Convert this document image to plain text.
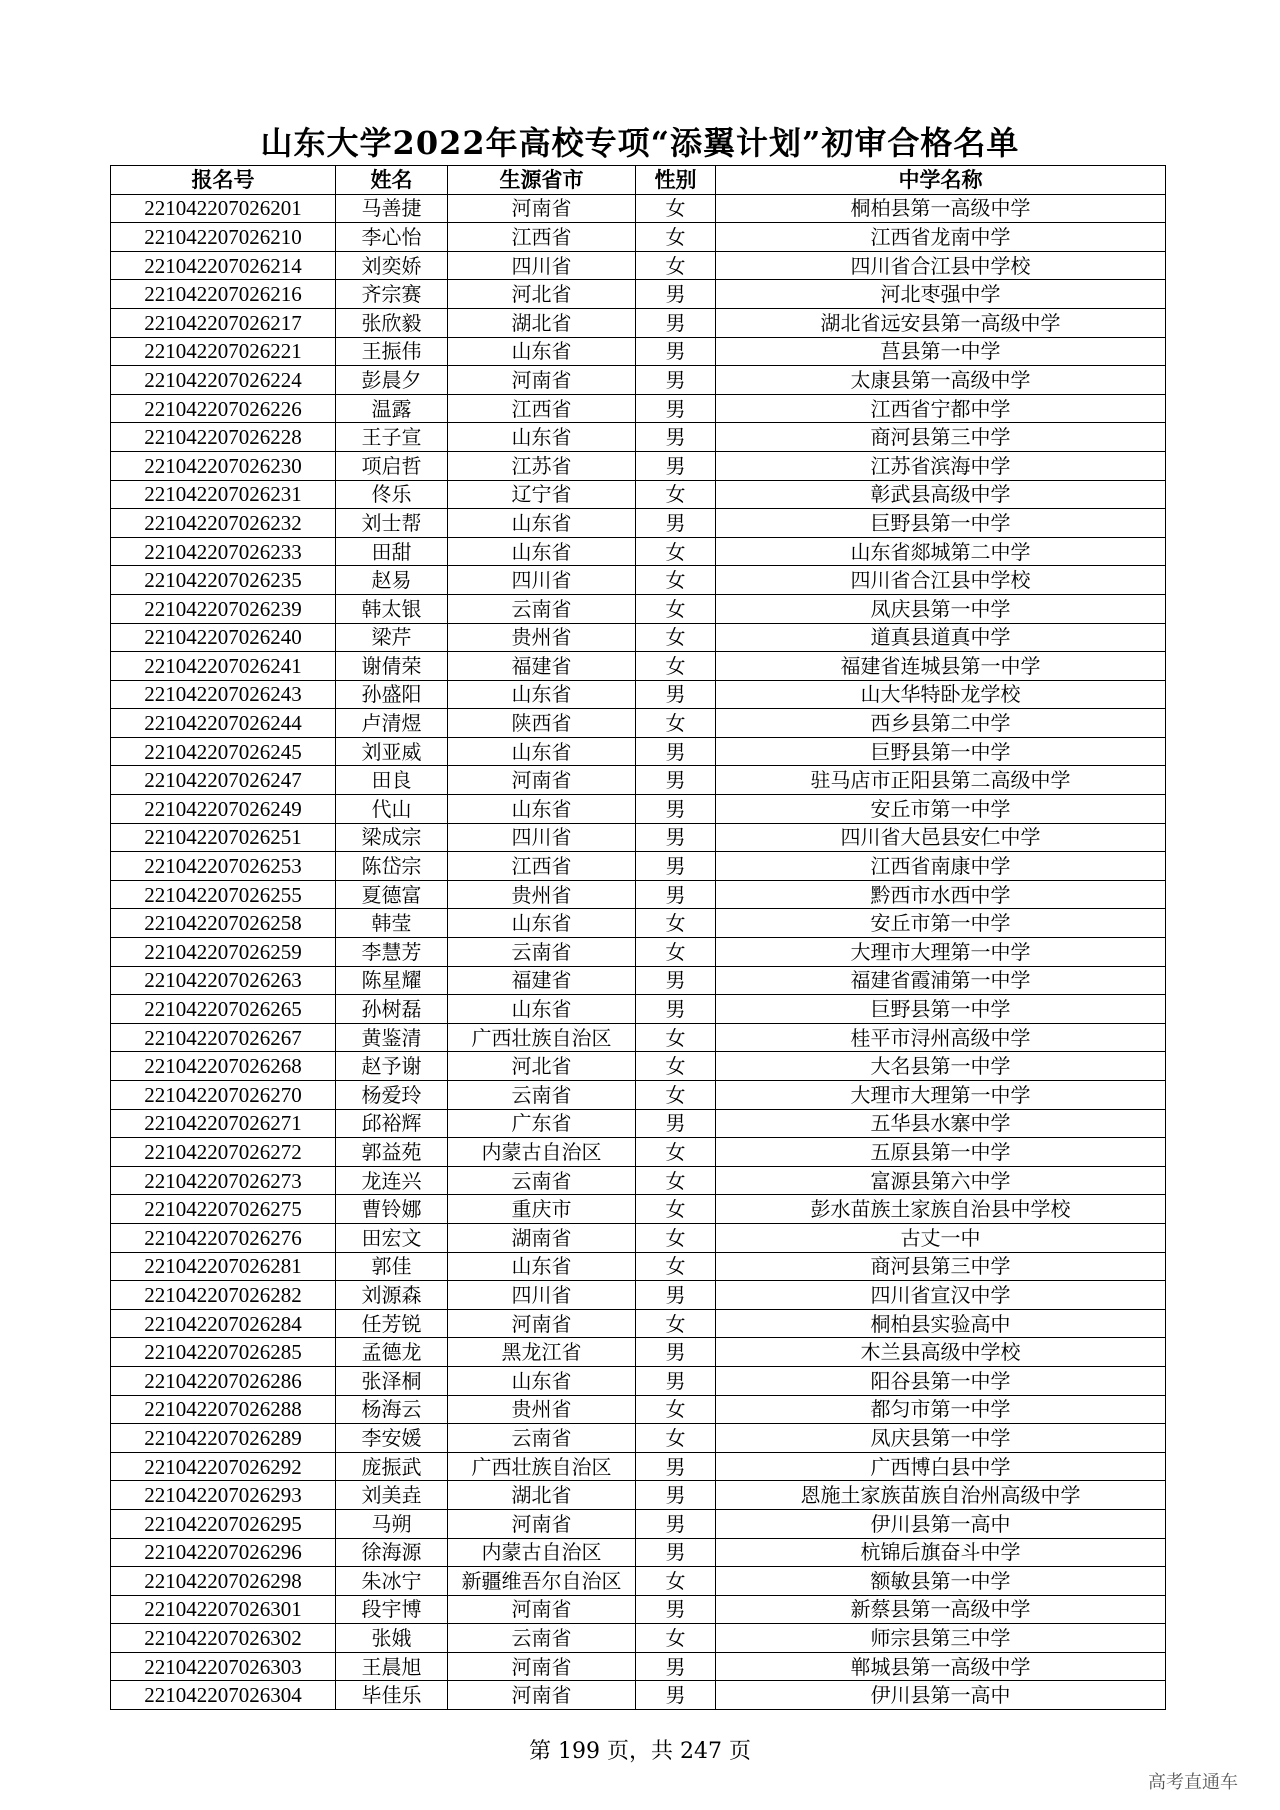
山东大学2022年高校专项“添翼计划”初审合格名单
报名号	姓名	生源省市	性别	中学名称
221042207026201	马善捷	河南省	女	桐柏县第一高级中学
221042207026210	李心怡	江西省	女	江西省龙南中学
221042207026214	刘奕娇	四川省	女	四川省合江县中学校
221042207026216	齐宗赛	河北省	男	河北枣强中学
221042207026217	张欣毅	湖北省	男	湖北省远安县第一高级中学
221042207026221	王振伟	山东省	男	莒县第一中学
221042207026224	彭晨夕	河南省	男	太康县第一高级中学
221042207026226	温露	江西省	男	江西省宁都中学
221042207026228	王子宣	山东省	男	商河县第三中学
221042207026230	项启哲	江苏省	男	江苏省滨海中学
221042207026231	佟乐	辽宁省	女	彰武县高级中学
221042207026232	刘士帮	山东省	男	巨野县第一中学
221042207026233	田甜	山东省	女	山东省郯城第二中学
221042207026235	赵易	四川省	女	四川省合江县中学校
221042207026239	韩太银	云南省	女	凤庆县第一中学
221042207026240	梁芹	贵州省	女	道真县道真中学
221042207026241	谢倩荣	福建省	女	福建省连城县第一中学
221042207026243	孙盛阳	山东省	男	山大华特卧龙学校
221042207026244	卢清煜	陕西省	女	西乡县第二中学
221042207026245	刘亚威	山东省	男	巨野县第一中学
221042207026247	田良	河南省	男	驻马店市正阳县第二高级中学
221042207026249	代山	山东省	男	安丘市第一中学
221042207026251	梁成宗	四川省	男	四川省大邑县安仁中学
221042207026253	陈岱宗	江西省	男	江西省南康中学
221042207026255	夏德富	贵州省	男	黔西市水西中学
221042207026258	韩莹	山东省	女	安丘市第一中学
221042207026259	李慧芳	云南省	女	大理市大理第一中学
221042207026263	陈星耀	福建省	男	福建省霞浦第一中学
221042207026265	孙树磊	山东省	男	巨野县第一中学
221042207026267	黄鉴清	广西壮族自治区	女	桂平市浔州高级中学
221042207026268	赵予谢	河北省	女	大名县第一中学
221042207026270	杨爱玲	云南省	女	大理市大理第一中学
221042207026271	邱裕辉	广东省	男	五华县水寨中学
221042207026272	郭益苑	内蒙古自治区	女	五原县第一中学
221042207026273	龙连兴	云南省	女	富源县第六中学
221042207026275	曹铃娜	重庆市	女	彭水苗族土家族自治县中学校
221042207026276	田宏文	湖南省	女	古丈一中
221042207026281	郭佳	山东省	女	商河县第三中学
221042207026282	刘源森	四川省	男	四川省宣汉中学
221042207026284	任芳锐	河南省	女	桐柏县实验高中
221042207026285	孟德龙	黑龙江省	男	木兰县高级中学校
221042207026286	张泽桐	山东省	男	阳谷县第一中学
221042207026288	杨海云	贵州省	女	都匀市第一中学
221042207026289	李安媛	云南省	女	凤庆县第一中学
221042207026292	庞振武	广西壮族自治区	男	广西博白县中学
221042207026293	刘美垚	湖北省	男	恩施土家族苗族自治州高级中学
221042207026295	马朔	河南省	男	伊川县第一高中
221042207026296	徐海源	内蒙古自治区	男	杭锦后旗奋斗中学
221042207026298	朱冰宁	新疆维吾尔自治区	女	额敏县第一中学
221042207026301	段宇博	河南省	男	新蔡县第一高级中学
221042207026302	张娥	云南省	女	师宗县第三中学
221042207026303	王晨旭	河南省	男	郸城县第一高级中学
221042207026304	毕佳乐	河南省	男	伊川县第一高中
第 199 页，共 247 页
高考直通车
